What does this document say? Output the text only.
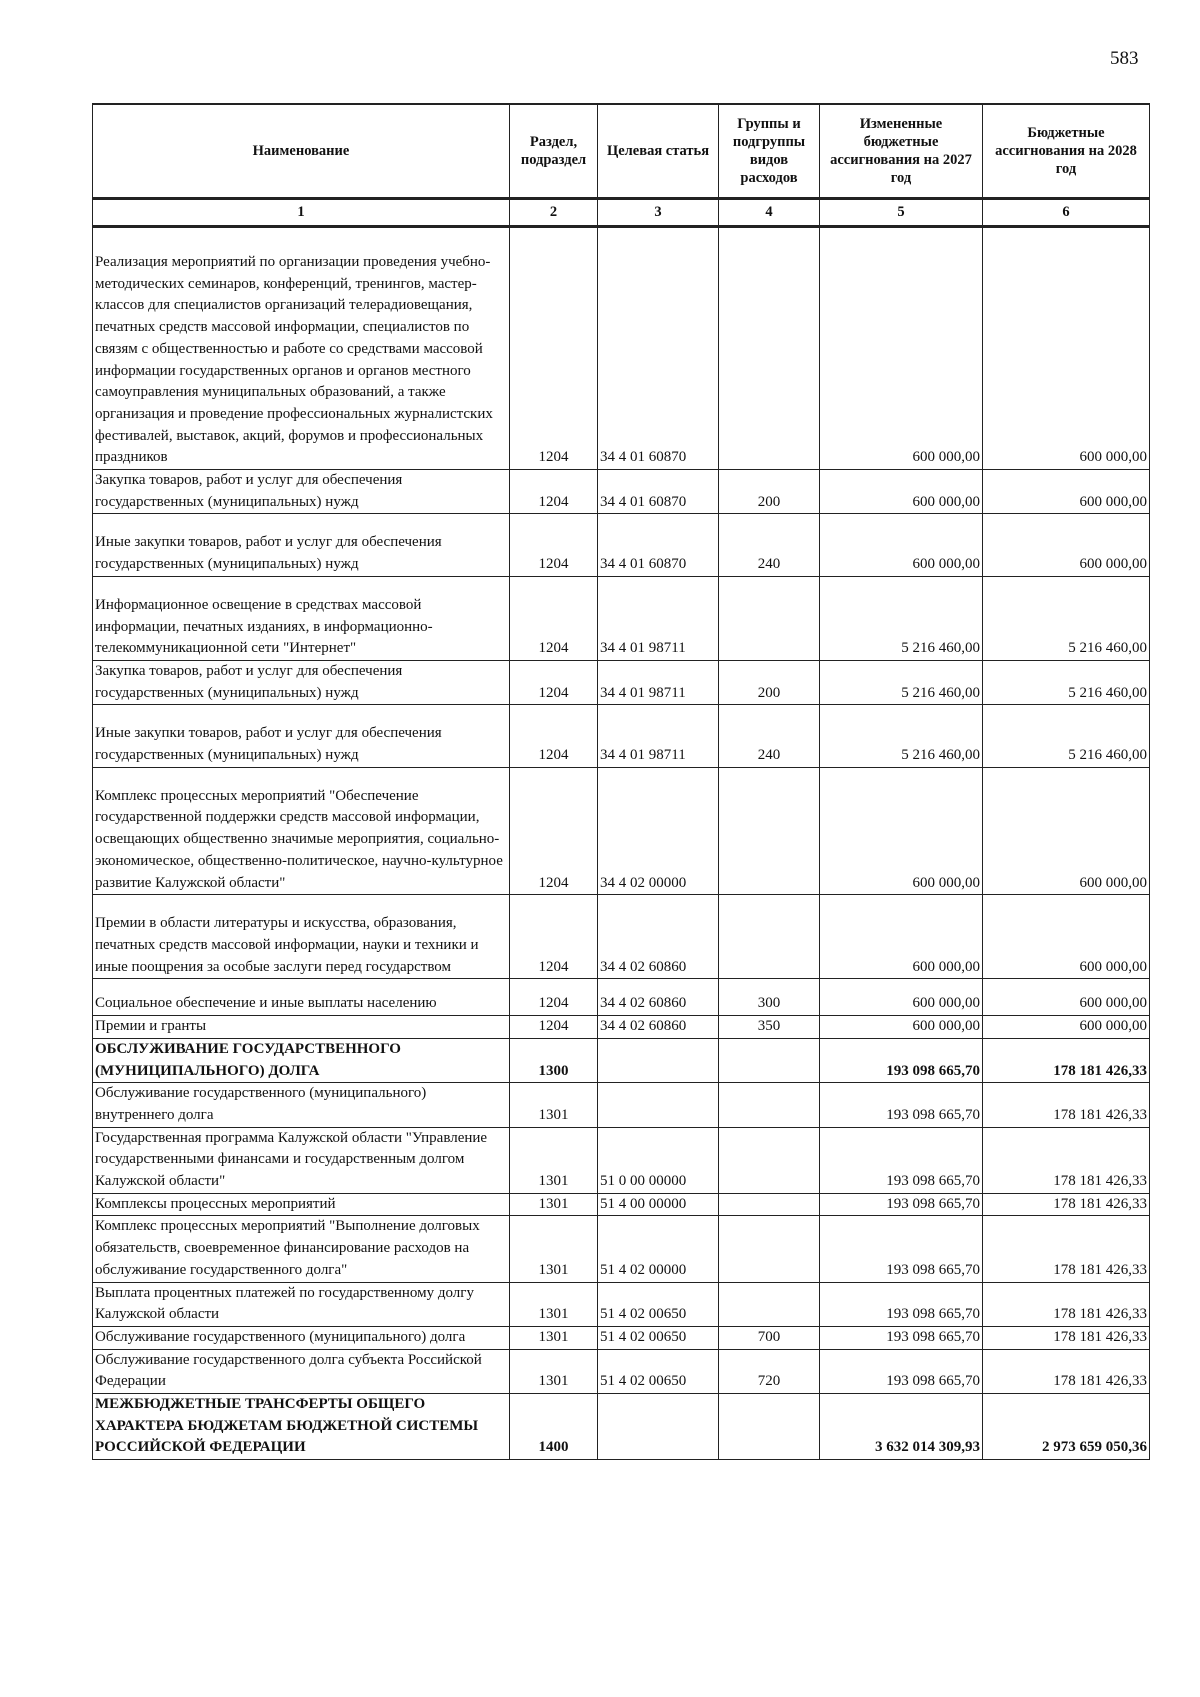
583
Наименование	Раздел, подраздел	Целевая статья	Группы и подгруппы видов расходов	Измененные бюджетные ассигнования на 2027 год	Бюджетные ассигнования на 2028 год
1	2	3	4	5	6
Реализация мероприятий по организации проведения учебно-методических семинаров, конференций, тренингов, мастер-классов для специалистов организаций телерадиовещания, печатных средств массовой информации, специалистов по связям с общественностью и работе со средствами массовой информации государственных органов и органов местного самоуправления муниципальных образований, а также организация и проведение профессиональных журналистских фестивалей, выставок, акций, форумов и профессиональных праздников	1204	34 4 01 60870		600 000,00	600 000,00
Закупка товаров, работ и услуг для обеспечения государственных (муниципальных) нужд	1204	34 4 01 60870	200	600 000,00	600 000,00
Иные закупки товаров, работ и услуг для обеспечения государственных (муниципальных) нужд	1204	34 4 01 60870	240	600 000,00	600 000,00
Информационное освещение в средствах массовой информации, печатных изданиях, в информационно-телекоммуникационной сети "Интернет"	1204	34 4 01 98711		5 216 460,00	5 216 460,00
Закупка товаров, работ и услуг для обеспечения государственных (муниципальных) нужд	1204	34 4 01 98711	200	5 216 460,00	5 216 460,00
Иные закупки товаров, работ и услуг для обеспечения государственных (муниципальных) нужд	1204	34 4 01 98711	240	5 216 460,00	5 216 460,00
Комплекс процессных мероприятий "Обеспечение государственной поддержки средств массовой информации, освещающих общественно значимые мероприятия, социально-экономическое, общественно-политическое, научно-культурное развитие Калужской области"	1204	34 4 02 00000		600 000,00	600 000,00
Премии в области литературы и искусства, образования, печатных средств массовой информации, науки и техники и иные поощрения за особые заслуги перед государством	1204	34 4 02 60860		600 000,00	600 000,00
Социальное обеспечение и иные выплаты населению	1204	34 4 02 60860	300	600 000,00	600 000,00
Премии и гранты	1204	34 4 02 60860	350	600 000,00	600 000,00
ОБСЛУЖИВАНИЕ ГОСУДАРСТВЕННОГО (МУНИЦИПАЛЬНОГО) ДОЛГА	1300			193 098 665,70	178 181 426,33
Обслуживание государственного (муниципального) внутреннего долга	1301			193 098 665,70	178 181 426,33
Государственная программа Калужской области "Управление государственными финансами и государственным долгом Калужской области"	1301	51 0 00 00000		193 098 665,70	178 181 426,33
Комплексы процессных мероприятий	1301	51 4 00 00000		193 098 665,70	178 181 426,33
Комплекс процессных мероприятий "Выполнение долговых обязательств, своевременное финансирование расходов на обслуживание государственного долга"	1301	51 4 02 00000		193 098 665,70	178 181 426,33
Выплата процентных платежей по государственному долгу Калужской области	1301	51 4 02 00650		193 098 665,70	178 181 426,33
Обслуживание государственного (муниципального) долга	1301	51 4 02 00650	700	193 098 665,70	178 181 426,33
Обслуживание государственного долга субъекта Российской Федерации	1301	51 4 02 00650	720	193 098 665,70	178 181 426,33
МЕЖБЮДЖЕТНЫЕ ТРАНСФЕРТЫ ОБЩЕГО ХАРАКТЕРА БЮДЖЕТАМ БЮДЖЕТНОЙ СИСТЕМЫ РОССИЙСКОЙ ФЕДЕРАЦИИ	1400			3 632 014 309,93	2 973 659 050,36
